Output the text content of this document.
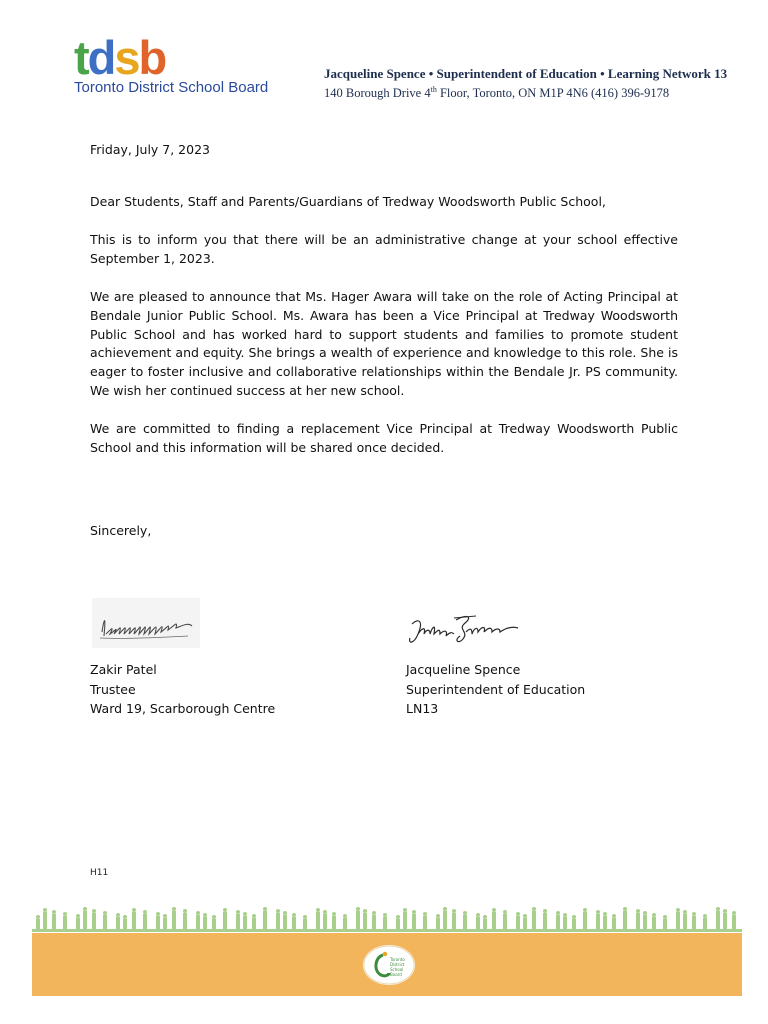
tdsb
Toronto District School Board
Jacqueline Spence • Superintendent of Education • Learning Network 13
140 Borough Drive 4th Floor, Toronto, ON M1P 4N6 (416) 396-9178
Friday, July 7, 2023
Dear Students, Staff and Parents/Guardians of Tredway Woodsworth Public School,

This is to inform you that there will be an administrative change at your school effective September 1, 2023.

We are pleased to announce that Ms. Hager Awara will take on the role of Acting Principal at Bendale Junior Public School. Ms. Awara has been a Vice Principal at Tredway Woodsworth Public School and has worked hard to support students and families to promote student achievement and equity. She brings a wealth of experience and knowledge to this role. She is eager to foster inclusive and collaborative relationships within the Bendale Jr. PS community. We wish her continued success at her new school.

We are committed to finding a replacement Vice Principal at Tredway Woodsworth Public School and this information will be shared once decided.

Sincerely,
Zakir Patel
Trustee
Ward 19, Scarborough Centre
Jacqueline Spence
Superintendent of Education
LN13
H11
Toronto
District
School
Board
